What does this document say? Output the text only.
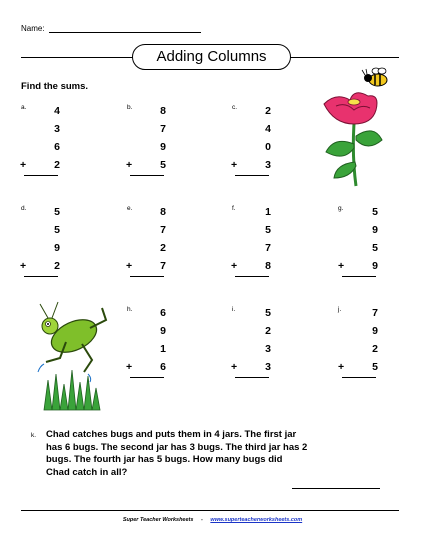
Name:
Adding Columns
Find the sums.
a.	4
3
6
2
+
b.	8
7
9
5
+
c.	2
4
0
3
+
d.	5
5
9
2
+
e.	8
7
2
7
+
f.	1
5
7
8
+
g.	5
9
5
9
+
h.	6
9
1
6
+
i.	5
2
3
3
+
j.	7
9
2
5
+
k. Chad catches bugs and puts them in 4 jars. The first jar has 6 bugs. The second jar has 3 bugs. The third jar has 2 bugs. The fourth jar has 5 bugs. How many bugs did Chad catch in all?
Super Teacher Worksheets - www.superteacherworksheets.com
